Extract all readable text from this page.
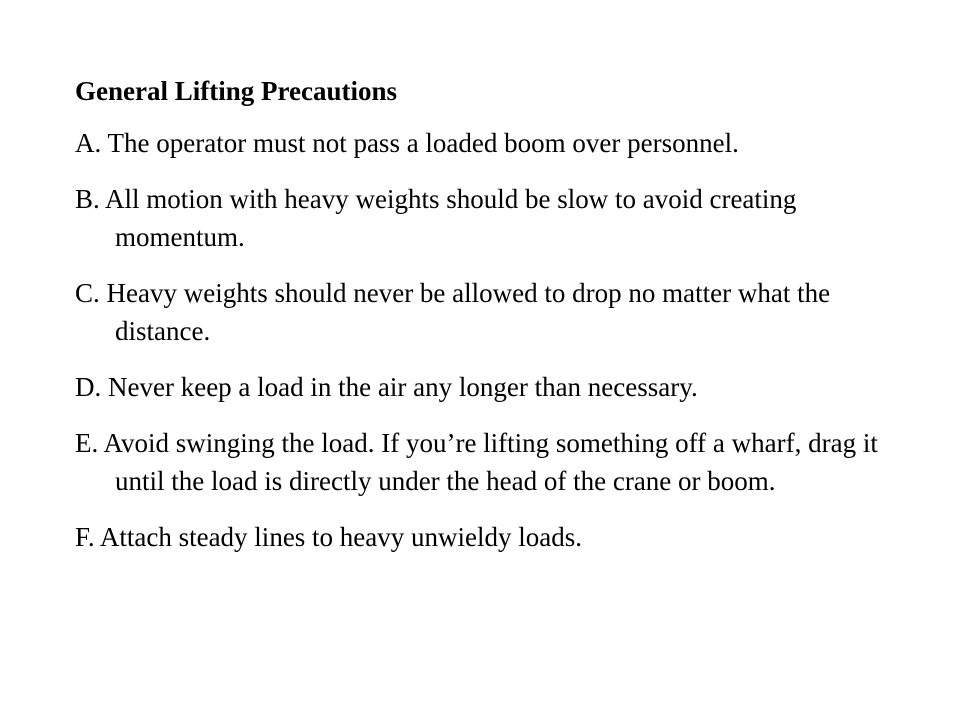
General Lifting Precautions
A. The operator must not pass a loaded boom over personnel.
B. All motion with heavy weights should be slow to avoid creating momentum.
C. Heavy weights should never be allowed to drop no matter what the distance.
D. Never keep a load in the air any longer than necessary.
E. Avoid swinging the load. If you’re lifting something off a wharf, drag it until the load is directly under the head of the crane or boom.
F. Attach steady lines to heavy unwieldy loads.
